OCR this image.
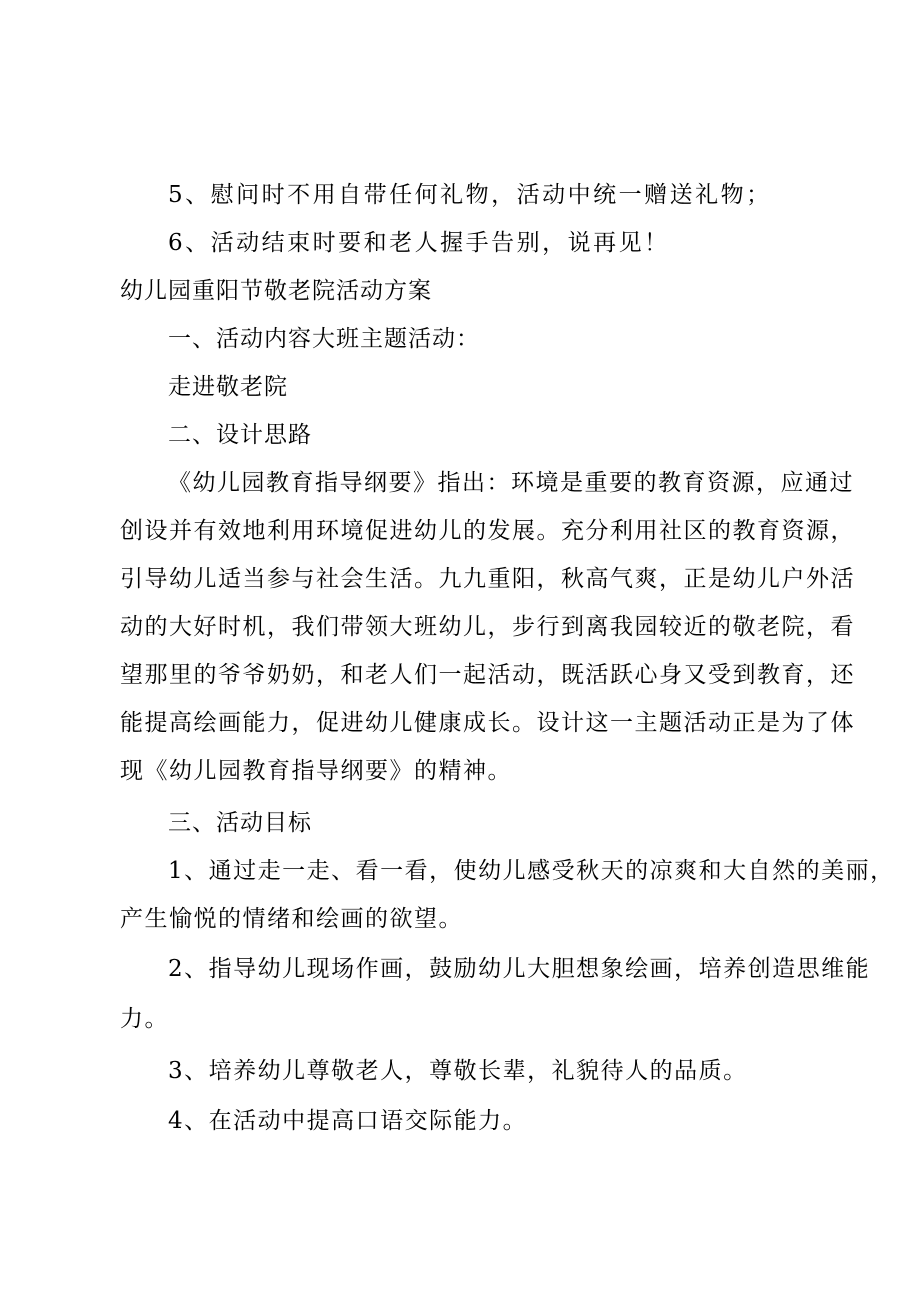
5、慰问时不用自带任何礼物，活动中统一赠送礼物；
6、活动结束时要和老人握手告别，说再见！
幼儿园重阳节敬老院活动方案
一、活动内容大班主题活动：
走进敬老院
二、设计思路
《幼儿园教育指导纲要》指出：环境是重要的教育资源，应通过
创设并有效地利用环境促进幼儿的发展。充分利用社区的教育资源，
引导幼儿适当参与社会生活。九九重阳，秋高气爽，正是幼儿户外活
动的大好时机，我们带领大班幼儿，步行到离我园较近的敬老院，看
望那里的爷爷奶奶，和老人们一起活动，既活跃心身又受到教育，还
能提高绘画能力，促进幼儿健康成长。设计这一主题活动正是为了体
现《幼儿园教育指导纲要》的精神。
三、活动目标
1、通过走一走、看一看，使幼儿感受秋天的凉爽和大自然的美丽，
产生愉悦的情绪和绘画的欲望。
2、指导幼儿现场作画，鼓励幼儿大胆想象绘画，培养创造思维能
力。
3、培养幼儿尊敬老人，尊敬长辈，礼貌待人的品质。
4、在活动中提高口语交际能力。
